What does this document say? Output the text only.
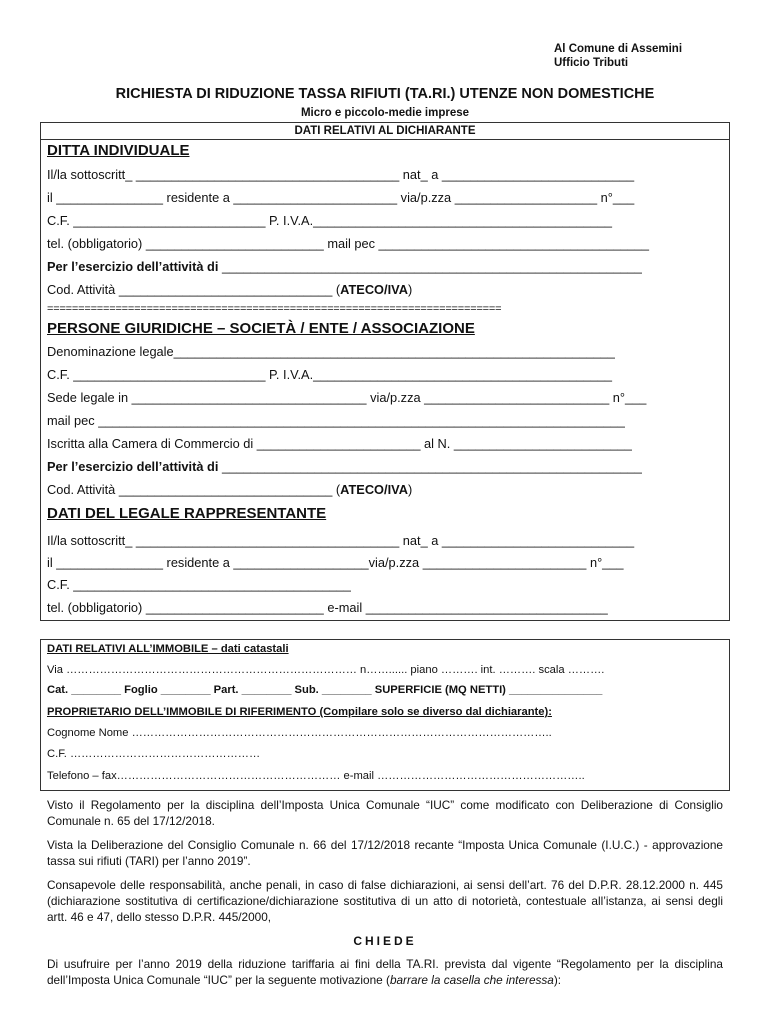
Al Comune di Assemini
Ufficio Tributi
RICHIESTA DI RIDUZIONE TASSA RIFIUTI (TA.RI.) UTENZE NON DOMESTICHE
Micro e piccolo-medie imprese
DATI RELATIVI AL DICHIARANTE
DITTA INDIVIDUALE
Il/la sottoscritt_ _____________________________________ nat_ a ___________________________
il _______________ residente a _______________________ via/p.zza ____________________ n°___
C.F. ___________________________ P. I.V.A.__________________________________________
tel. (obbligatorio) _________________________ mail pec ______________________________________
Per l’esercizio dell’attività di ___________________________________________________________
Cod. Attività ______________________________ (ATECO/IVA)
=========================================================================
PERSONE GIURIDICHE – SOCIETÀ / ENTE / ASSOCIAZIONE
Denominazione legale______________________________________________________________
C.F. ___________________________ P. I.V.A.__________________________________________
Sede legale in _________________________________ via/p.zza __________________________ n°___
mail pec __________________________________________________________________________
Iscritta alla Camera di Commercio di _______________________ al N. _________________________
Per l’esercizio dell’attività di ___________________________________________________________
Cod. Attività ______________________________ (ATECO/IVA)
DATI DEL LEGALE RAPPRESENTANTE
Il/la sottoscritt_ _____________________________________ nat_ a ___________________________
il _______________ residente a ___________________via/p.zza _______________________ n°___
C.F. _______________________________________
tel. (obbligatorio) _________________________ e-mail __________________________________
DATI RELATIVI ALL’IMMOBILE – dati catastali
Via …………………………………………………………………… n……...... piano ………. int. ………. scala ……….
Cat. ________ Foglio ________ Part. ________ Sub. ________ SUPERFICIE (MQ NETTI) _______________
PROPRIETARIO DELL’IMMOBILE DI RIFERIMENTO (Compilare solo se diverso dal dichiarante):
Cognome Nome …………………………………………………………………………………………………..
C.F. ……………………………………………
Telefono – fax…………………………………………………… e-mail ………………………………………………..
Visto il Regolamento per la disciplina dell’Imposta Unica Comunale “IUC” come modificato con Deliberazione di Consiglio Comunale n. 65 del 17/12/2018.
Vista la Deliberazione del Consiglio Comunale n. 66 del 17/12/2018 recante “Imposta Unica Comunale (I.U.C.) - approvazione tassa sui rifiuti (TARI) per l’anno 2019”.
Consapevole delle responsabilità, anche penali, in caso di false dichiarazioni, ai sensi dell’art. 76 del D.P.R. 28.12.2000 n. 445 (dichiarazione sostitutiva di certificazione/dichiarazione sostitutiva di un atto di notorietà, contestuale all’istanza, ai sensi degli artt. 46 e 47, dello stesso D.P.R. 445/2000,
CHIEDE
Di usufruire per l’anno 2019 della riduzione tariffaria ai fini della TA.RI. prevista dal vigente “Regolamento per la disciplina dell’Imposta Unica Comunale “IUC” per la seguente motivazione (barrare la casella che interessa):
